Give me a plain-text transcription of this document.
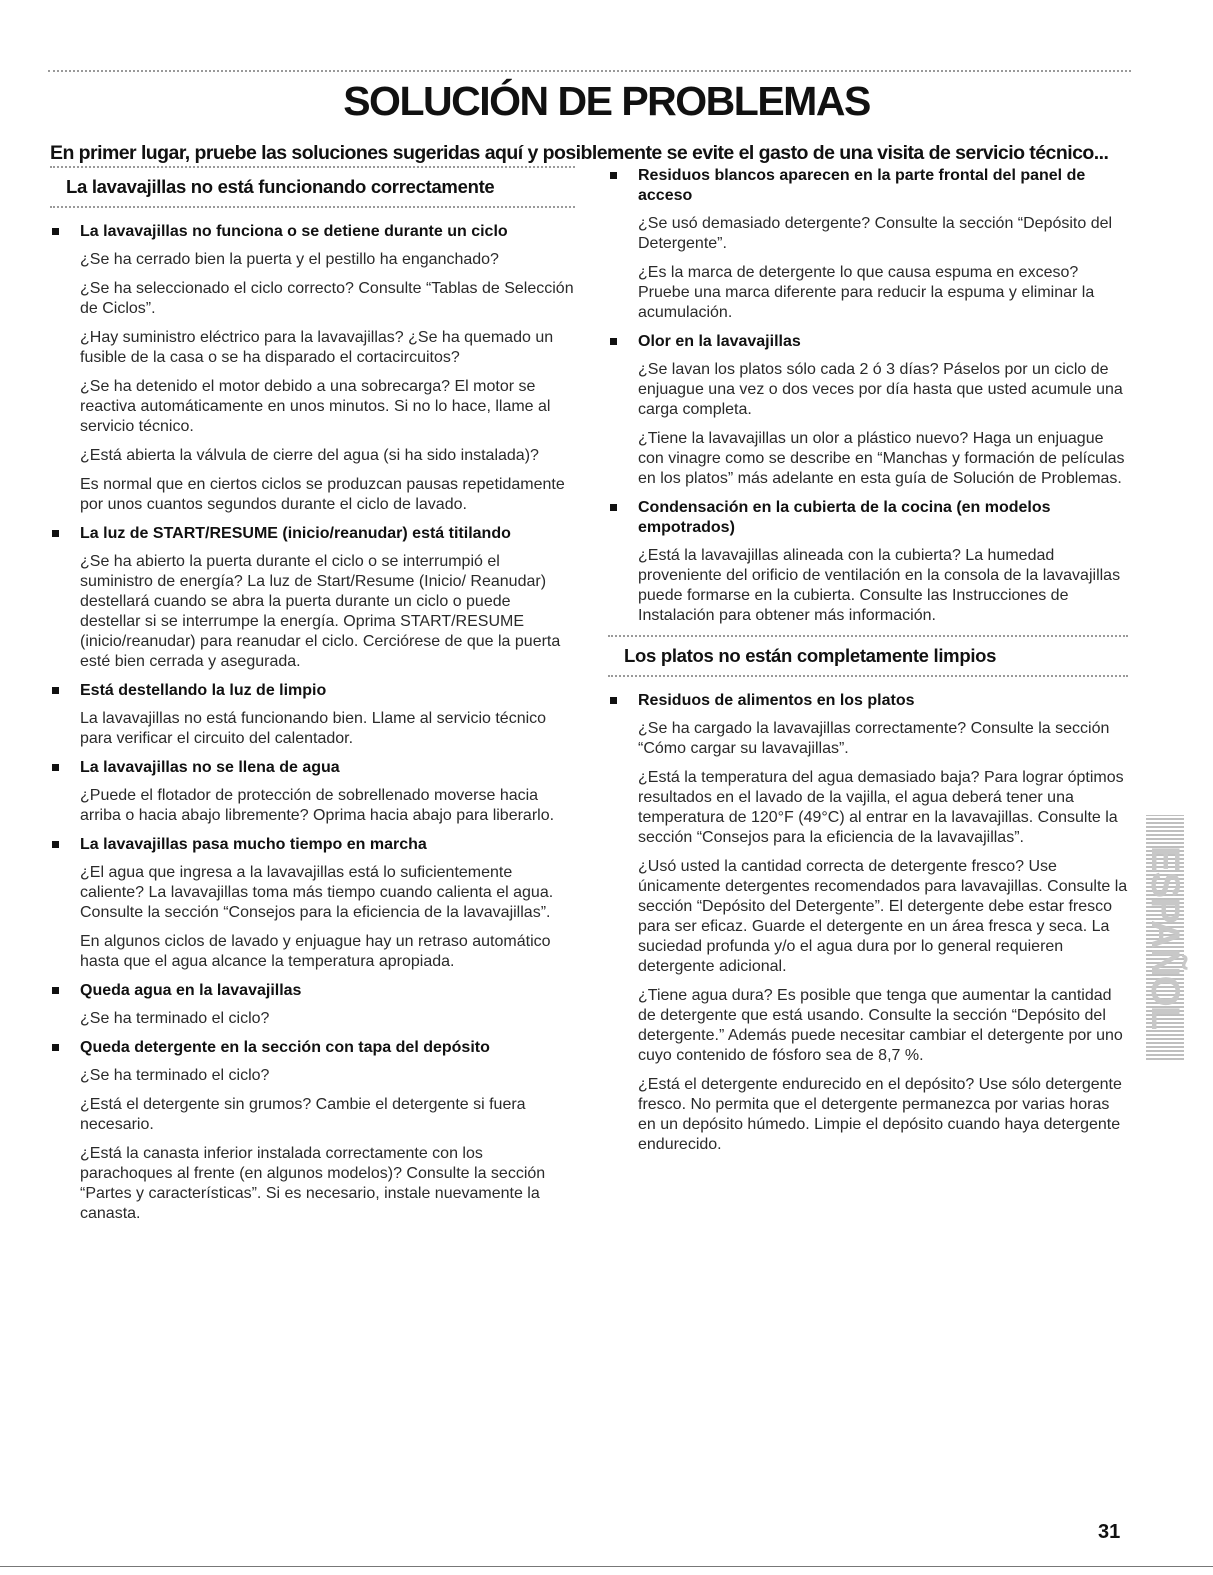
SOLUCIÓN DE PROBLEMAS

En primer lugar, pruebe las soluciones sugeridas aquí y posiblemente se evite el gasto de una visita de servicio técnico...

La lavavajillas no está funcionando correctamente
La lavavajillas no funciona o se detiene durante un ciclo

¿Se ha cerrado bien la puerta y el pestillo ha enganchado?

¿Se ha seleccionado el ciclo correcto? Consulte “Tablas de Selección de Ciclos”.

¿Hay suministro eléctrico para la lavavajillas? ¿Se ha quemado un fusible de la casa o se ha disparado el cortacircuitos?

¿Se ha detenido el motor debido a una sobrecarga? El motor se reactiva automáticamente en unos minutos. Si no lo hace, llame al servicio técnico.

¿Está abierta la válvula de cierre del agua (si ha sido instalada)?

Es normal que en ciertos ciclos se produzcan pausas repetidamente por unos cuantos segundos durante el ciclo de lavado.

La luz de START/RESUME (inicio/reanudar) está titilando

¿Se ha abierto la puerta durante el ciclo o se interrumpió el suministro de energía? La luz de Start/Resume (Inicio/ Reanudar) destellará cuando se abra la puerta durante un ciclo o puede destellar si se interrumpe la energía. Oprima START/RESUME (inicio/reanudar) para reanudar el ciclo. Cerciórese de que la puerta esté bien cerrada y asegurada.

Está destellando la luz de limpio

La lavavajillas no está funcionando bien. Llame al servicio técnico para verificar el circuito del calentador.

La lavavajillas no se llena de agua

¿Puede el flotador de protección de sobrellenado moverse hacia arriba o hacia abajo libremente? Oprima hacia abajo para liberarlo.

La lavavajillas pasa mucho tiempo en marcha

¿El agua que ingresa a la lavavajillas está lo suficientemente caliente? La lavavajillas toma más tiempo cuando calienta el agua. Consulte la sección “Consejos para la eficiencia de la lavavajillas”.

En algunos ciclos de lavado y enjuague hay un retraso automático hasta que el agua alcance la temperatura apropiada.

Queda agua en la lavavajillas

¿Se ha terminado el ciclo?

Queda detergente en la sección con tapa del depósito

¿Se ha terminado el ciclo?

¿Está el detergente sin grumos? Cambie el detergente si fuera necesario.

¿Está la canasta inferior instalada correctamente con los parachoques al frente (en algunos modelos)? Consulte la sección “Partes y características”. Si es necesario, instale nuevamente la canasta.

Residuos blancos aparecen en la parte frontal del panel de acceso

¿Se usó demasiado detergente? Consulte la sección “Depósito del Detergente”.

¿Es la marca de detergente lo que causa espuma en exceso? Pruebe una marca diferente para reducir la espuma y eliminar la acumulación.

Olor en la lavavajillas

¿Se lavan los platos sólo cada 2 ó 3 días? Páselos por un ciclo de enjuague una vez o dos veces por día hasta que usted acumule una carga completa.

¿Tiene la lavavajillas un olor a plástico nuevo? Haga un enjuague con vinagre como se describe en “Manchas y formación de películas en los platos” más adelante en esta guía de Solución de Problemas.

Condensación en la cubierta de la cocina (en modelos empotrados)

¿Está la lavavajillas alineada con la cubierta? La humedad proveniente del orificio de ventilación en la consola de la lavavajillas puede formarse en la cubierta. Consulte las Instrucciones de Instalación para obtener más información.

Los platos no están completamente limpios
Residuos de alimentos en los platos

¿Se ha cargado la lavavajillas correctamente? Consulte la sección “Cómo cargar su lavavajillas”.

¿Está la temperatura del agua demasiado baja? Para lograr óptimos resultados en el lavado de la vajilla, el agua deberá tener una temperatura de 120°F (49°C) al entrar en la lavavajillas. Consulte la sección “Consejos para la eficiencia de la lavavajillas”.

¿Usó usted la cantidad correcta de detergente fresco? Use únicamente detergentes recomendados para lavavajillas. Consulte la sección “Depósito del Detergente”. El detergente debe estar fresco para ser eficaz. Guarde el detergente en un área fresca y seca. La suciedad profunda y/o el agua dura por lo general requieren detergente adicional.

¿Tiene agua dura? Es posible que tenga que aumentar la cantidad de detergente que está usando. Consulte la sección “Depósito del detergente.” Además puede necesitar cambiar el detergente por uno cuyo contenido de fósforo sea de 8,7 %.

¿Está el detergente endurecido en el depósito? Use sólo detergente fresco. No permita que el detergente permanezca por varias horas en un depósito húmedo. Limpie el depósito cuando haya detergente endurecido.

ESPAÑOL
31
